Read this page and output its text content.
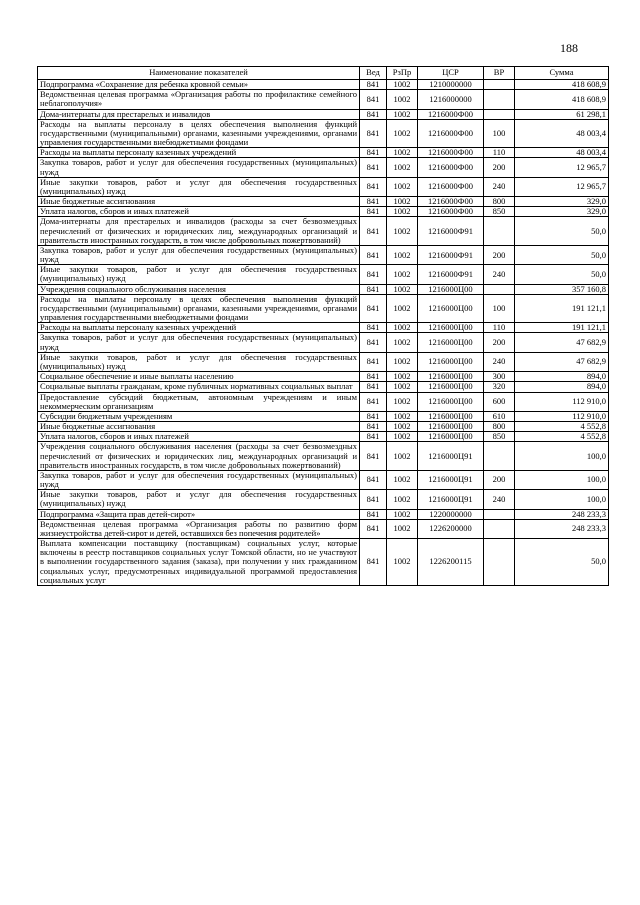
188
Наименование показателей	Вед	РзПр	ЦСР	ВР	Сумма
Подпрограмма «Сохранение для ребенка кровной семьи»	841	1002	1210000000		418 608,9
Ведомственная целевая программа «Организация работы по профилактике семейного неблагополучия»	841	1002	1216000000		418 608,9
Дома-интернаты для престарелых и инвалидов	841	1002	1216000Ф00		61 298,1
Расходы на выплаты персоналу в целях обеспечения выполнения функций государственными (муниципальными) органами, казенными учреждениями, органами управления государственными внебюджетными фондами	841	1002	1216000Ф00	100	48 003,4
Расходы на выплаты персоналу казенных учреждений	841	1002	1216000Ф00	110	48 003,4
Закупка товаров, работ и услуг для обеспечения государственных (муниципальных) нужд	841	1002	1216000Ф00	200	12 965,7
Иные закупки товаров, работ и услуг для обеспечения государственных (муниципальных) нужд	841	1002	1216000Ф00	240	12 965,7
Иные бюджетные ассигнования	841	1002	1216000Ф00	800	329,0
Уплата налогов, сборов и иных платежей	841	1002	1216000Ф00	850	329,0
Дома-интернаты для престарелых и инвалидов (расходы за счет безвозмездных перечислений от физических и юридических лиц, международных организаций и правительств иностранных государств, в том числе добровольных пожертвований)	841	1002	1216000Ф91		50,0
Закупка товаров, работ и услуг для обеспечения государственных (муниципальных) нужд	841	1002	1216000Ф91	200	50,0
Иные закупки товаров, работ и услуг для обеспечения государственных (муниципальных) нужд	841	1002	1216000Ф91	240	50,0
Учреждения социального обслуживания населения	841	1002	1216000Ц00		357 160,8
Расходы на выплаты персоналу в целях обеспечения выполнения функций государственными (муниципальными) органами, казенными учреждениями, органами управления государственными внебюджетными фондами	841	1002	1216000Ц00	100	191 121,1
Расходы на выплаты персоналу казенных учреждений	841	1002	1216000Ц00	110	191 121,1
Закупка товаров, работ и услуг для обеспечения государственных (муниципальных) нужд	841	1002	1216000Ц00	200	47 682,9
Иные закупки товаров, работ и услуг для обеспечения государственных (муниципальных) нужд	841	1002	1216000Ц00	240	47 682,9
Социальное обеспечение и иные выплаты населению	841	1002	1216000Ц00	300	894,0
Социальные выплаты гражданам, кроме публичных нормативных социальных выплат	841	1002	1216000Ц00	320	894,0
Предоставление субсидий бюджетным, автономным учреждениям и иным некоммерческим организациям	841	1002	1216000Ц00	600	112 910,0
Субсидии бюджетным учреждениям	841	1002	1216000Ц00	610	112 910,0
Иные бюджетные ассигнования	841	1002	1216000Ц00	800	4 552,8
Уплата налогов, сборов и иных платежей	841	1002	1216000Ц00	850	4 552,8
Учреждения социального обслуживания населения (расходы за счет безвозмездных перечислений от физических и юридических лиц, международных организаций и правительств иностранных государств, в том числе добровольных пожертвований)	841	1002	1216000Ц91		100,0
Закупка товаров, работ и услуг для обеспечения государственных (муниципальных) нужд	841	1002	1216000Ц91	200	100,0
Иные закупки товаров, работ и услуг для обеспечения государственных (муниципальных) нужд	841	1002	1216000Ц91	240	100,0
Подпрограмма «Защита прав детей-сирот»	841	1002	1220000000		248 233,3
Ведомственная целевая программа «Организация работы по развитию форм жизнеустройства детей-сирот и детей, оставшихся без попечения родителей»	841	1002	1226200000		248 233,3
Выплата компенсации поставщику (поставщикам) социальных услуг, которые включены в реестр поставщиков социальных услуг Томской области, но не участвуют в выполнении государственного задания (заказа), при получении у них гражданином социальных услуг, предусмотренных индивидуальной программой предоставления социальных услуг	841	1002	1226200115		50,0
